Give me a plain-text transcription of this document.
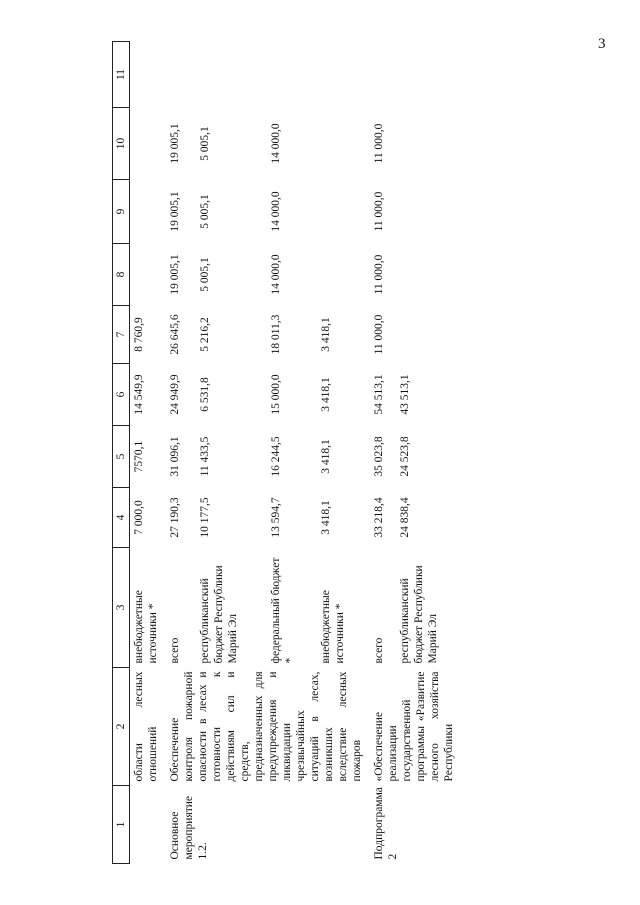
3
1	2	3	4	5	6	7	8	9	10	11
	области лесных отношений	внебюджетные источники *	7 000,0	7570,1	14 549,9	8 760,9				
Основное мероприятие 1.2.	Обеспечение контроля пожарной опасности в лесах и готовности к действиям сил и средств, предназначенных для предупреждения и ликвидации чрезвычайных ситуаций в лесах, возникших вследствие лесных пожаров	всего	27 190,3	31 096,1	24 949,9	26 645,6	19 005,1	19 005,1	19 005,1	
		республиканский бюджет Республики Марий Эл	10 177,5	11 433,5	6 531,8	5 216,2	5 005,1	5 005,1	5 005,1	
		федеральный бюджет *	13 594,7	16 244,5	15 000,0	18 011,3	14 000,0	14 000,0	14 000,0	
		внебюджетные источники *	3 418,1	3 418,1	3 418,1	3 418,1				
Подпрограмма 2	«Обеспечение реализации государственной программы «Развитие лесного хозяйства Республики	всего	33 218,4	35 023,8	54 513,1	11 000,0	11 000,0	11 000,0	11 000,0	
		республиканский бюджет Республики Марий Эл	24 838,4	24 523,8	43 513,1					
